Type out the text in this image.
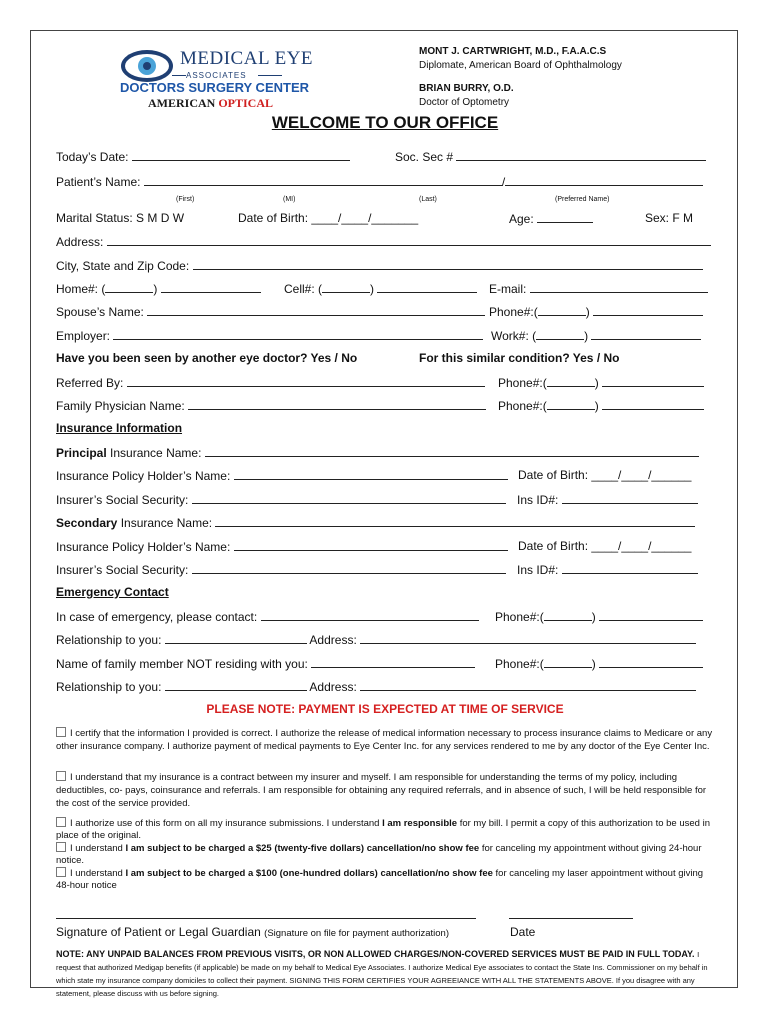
MEDICAL EYE
ASSOCIATES
DOCTORS SURGERY CENTER
AMERICAN OPTICAL
MONT J. CARTWRIGHT, M.D., F.A.A.C.S
Diplomate, American Board of Ophthalmology
BRIAN BURRY, O.D.
Doctor of Optometry
WELCOME TO OUR OFFICE
Today’s Date:	Soc. Sec #
Patient’s Name:	/
(First)	(MI)	(Last)	(Preferred Name)
Marital Status: S M D W	Date of Birth: ____/____/_______	Age:	Sex: F M
Address:
City, State and Zip Code:
Home#: (	)	Cell#: (	)	E-mail:
Spouse’s Name:	Phone#:(	)
Employer:	Work#: (	)
Have you been seen by another eye doctor? Yes / No	For this similar condition? Yes / No
Referred By:	Phone#:(	)
Family Physician Name:	Phone#:(	)
Insurance Information
Principal Insurance Name:
Insurance Policy Holder’s Name:	Date of Birth: ____/____/______
Insurer’s Social Security:	Ins ID#:
Secondary Insurance Name:
Insurance Policy Holder’s Name:	Date of Birth: ____/____/______
Insurer’s Social Security:	Ins ID#:
Emergency Contact
In case of emergency, please contact:	Phone#:(	)
Relationship to you:	Address:
Name of family member NOT residing with you:	Phone#:(	)
Relationship to you:	Address:
PLEASE NOTE: PAYMENT IS EXPECTED AT TIME OF SERVICE
I certify that the information I provided is correct. I authorize the release of medical information necessary to process insurance claims to Medicare or any other insurance company. I authorize payment of medical payments to Eye Center Inc. for any services rendered to me by any doctor of the Eye Center Inc.
I understand that my insurance is a contract between my insurer and myself. I am responsible for understanding the terms of my policy, including deductibles, co- pays, coinsurance and referrals. I am responsible for obtaining any required referrals, and in absence of such, I will be held responsible for the cost of the service provided.
I authorize use of this form on all my insurance submissions. I understand I am responsible for my bill. I permit a copy of this authorization to be used in place of the original.
I understand I am subject to be charged a $25 (twenty-five dollars) cancellation/no show fee for canceling my appointment without giving 24-hour notice.
I understand I am subject to be charged a $100 (one-hundred dollars) cancellation/no show fee for canceling my laser appointment without giving 48-hour notice
Signature of Patient or Legal Guardian (Signature on file for payment authorization)	Date
NOTE: ANY UNPAID BALANCES FROM PREVIOUS VISITS, OR NON ALLOWED CHARGES/NON-COVERED SERVICES MUST BE PAID IN FULL TODAY. I request that authorized Medigap benefits (if applicable) be made on my behalf to Medical Eye Associates. I authorize Medical Eye associates to contact the State Ins. Commissioner on my behalf in which state my insurance company domiciles to collect their payment. SIGNING THIS FORM CERTIFIES YOUR AGREEIANCE WITH ALL THE STATEMENTS ABOVE. If you disagree with any statement, please discuss with us before signing.
